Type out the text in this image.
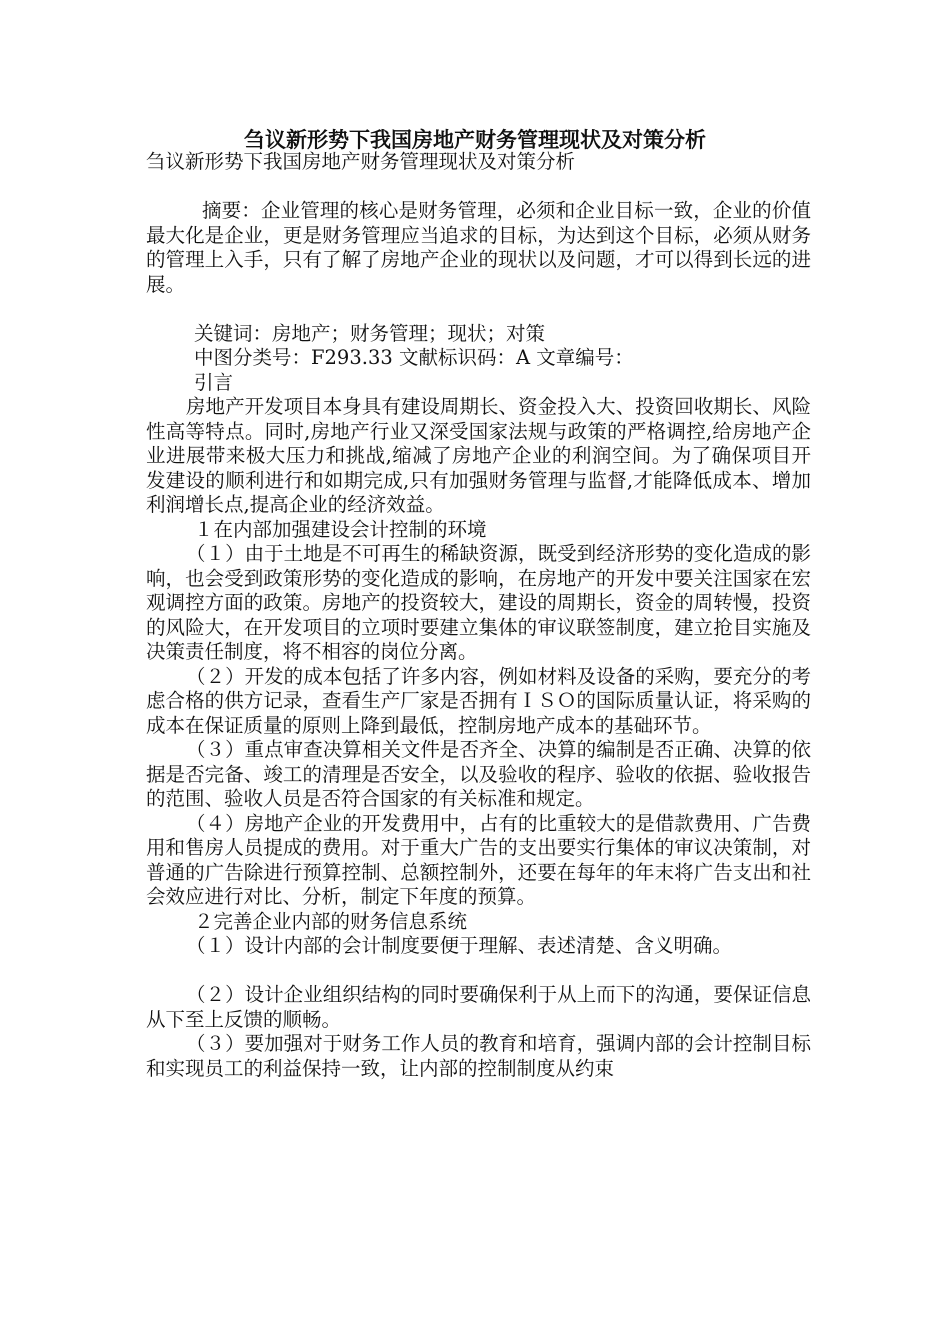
刍议新形势下我国房地产财务管理现状及对策分析

刍议新形势下我国房地产财务管理现状及对策分析

摘要：企业管理的核心是财务管理，必须和企业目标一致，企业的价值最大化是企业，更是财务管理应当追求的目标，为达到这个目标，必须从财务的管理上入手，只有了解了房地产企业的现状以及问题，才可以得到长远的进展。

关键词：房地产；财务管理；现状；对策

中图分类号：F293.33 文献标识码：A 文章编号：

引言

房地产开发项目本身具有建设周期长、资金投入大、投资回收期长、风险性高等特点。同时,房地产行业又深受国家法规与政策的严格调控,给房地产企业进展带来极大压力和挑战,缩减了房地产企业的利润空间。为了确保项目开发建设的顺利进行和如期完成,只有加强财务管理与监督,才能降低成本、增加利润增长点,提高企业的经济效益。

１在内部加强建设会计控制的环境

（１）由于土地是不可再生的稀缺资源，既受到经济形势的变化造成的影响，也会受到政策形势的变化造成的影响，在房地产的开发中要关注国家在宏观调控方面的政策。房地产的投资较大，建设的周期长，资金的周转慢，投资的风险大，在开发项目的立项时要建立集体的审议联签制度，建立抢目实施及决策责任制度，将不相容的岗位分离。

（２）开发的成本包括了许多内容，例如材料及设备的采购，要充分的考虑合格的供方记录，查看生产厂家是否拥有ＩＳＯ的国际质量认证，将采购的成本在保证质量的原则上降到最低，控制房地产成本的基础环节。

（３）重点审查决算相关文件是否齐全、决算的编制是否正确、决算的依据是否完备、竣工的清理是否安全，以及验收的程序、验收的依据、验收报告的范围、验收人员是否符合国家的有关标准和规定。

（４）房地产企业的开发费用中，占有的比重较大的是借款费用、广告费用和售房人员提成的费用。对于重大广告的支出要实行集体的审议决策制，对普通的广告除进行预算控制、总额控制外，还要在每年的年末将广告支出和社会效应进行对比、分析，制定下年度的预算。

２完善企业内部的财务信息系统

（１）设计内部的会计制度要便于理解、表述清楚、含义明确。

（２）设计企业组织结构的同时要确保利于从上而下的沟通，要保证信息从下至上反馈的顺畅。

（３）要加强对于财务工作人员的教育和培育，强调内部的会计控制目标和实现员工的利益保持一致，让内部的控制制度从约束
